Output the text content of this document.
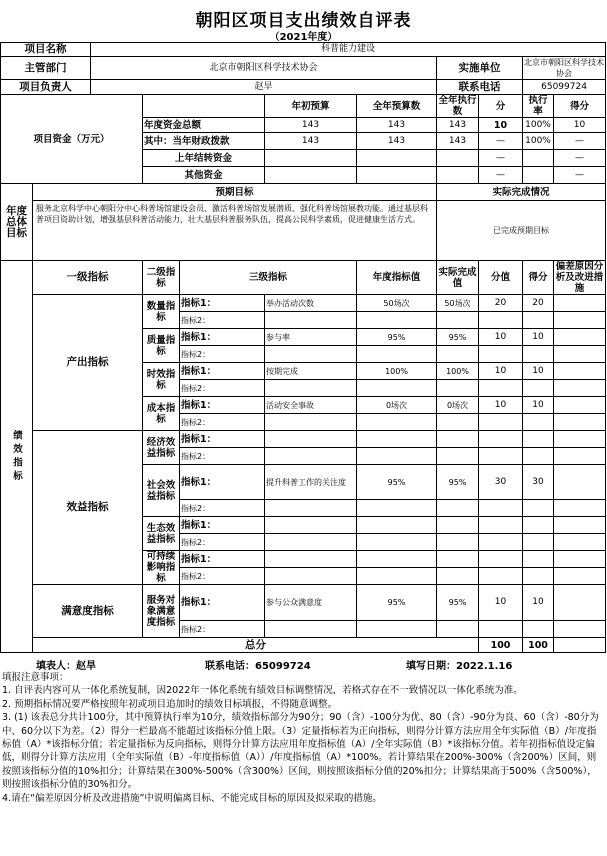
朝阳区项目支出绩效自评表
（2021年度）
项目名称		科普能力建设								
主管部门		北京市朝阳区科学技术协会					实施单位		北京市朝阳区科学技术协会	
项目负责人		赵旱					联系电话		65099724	
项目资金（万元）					年初预算	全年预算数	全年执行数	分	执行率	得分
			年度资金总额		143	143	143	10	100%	10
			其中：当年财政拨款		143	143	143	—	100%	—
			上年结转资金					—		—
			其他资金					—		—
年度总体目标	预期目标						实际完成情况			
	服务北京科学中心朝阳分中心科普场馆建设会员、激活科普场馆发展潜质、强化科普场馆展教功能。通过基层科普项目资助计划，增强基层科普活动能力，壮大基层科普服务队伍，提高公民科学素质，促进健康生活方式。						已完成预期目标			
绩效指标	一级指标		二级指标	三级指标		年度指标值	实际完成值	分值	得分	偏差原因分析及改进措施
	产出指标		数量指标	指标1：	举办活动次数	50场次	50场次	20	20	
				指标2：						
			质量指标	指标1：	参与率	95%	95%	10	10	
				指标2：						
			时效指标	指标1：	按期完成	100%	100%	10	10	
				指标2：						
			成本指标	指标1：	活动安全事故	0场次	0场次	10	10	
				指标2：						
	效益指标		经济效益指标	指标1：						
				指标2：						
			社会效益指标	指标1：	提升科普工作的关注度	95%	95%	30	30	
				指标2：						
			生态效益指标	指标1：						
				指标2：						
			可持续影响指标	指标1：						
				指标2：						
	满意度指标		服务对象满意度指标	指标1：	参与公众满意度	95%	95%	10	10	
				指标2：						
	总分							100	100	
填表人：赵旱	联系电话：65099724	填写日期：2022.1.16
填报注意事项：
1. 自评表内容可从一体化系统复制，因2022年一体化系统有绩效目标调整情况，若格式存在不一致情况以一体化系统为准。
2. 预期指标情况要严格按照年初或项目追加时的绩效目标填报，不得随意调整。
3. (1) 该表总分共计100分，其中预算执行率为10分，绩效指标部分为90分；90（含）-100分为优、80（含）-90分为良、60（含）-80分为中、60分以下为差。（2）得分一栏最高不能超过该指标分值上限。（3）定量指标若为正向指标，则得分计算方法应用全年实际值（B）/年度指标值（A）*该指标分值；若定量指标为反向指标，则得分计算方法应用年度指标值（A）/全年实际值（B）*该指标分值。若年初指标值设定偏低，则得分计算方法应用（全年实际值（B）-年度指标值（A））/年度指标值（A）*100%。若计算结果在200%-300%（含200%）区间，则按照该指标分值的10%扣分；计算结果在300%-500%（含300%）区间，则按照该指标分值的20%扣分；计算结果高于500%（含500%），则按照该指标分值的30%扣分。
4.请在“偏差原因分析及改进措施”中说明偏离目标、不能完成目标的原因及拟采取的措施。
